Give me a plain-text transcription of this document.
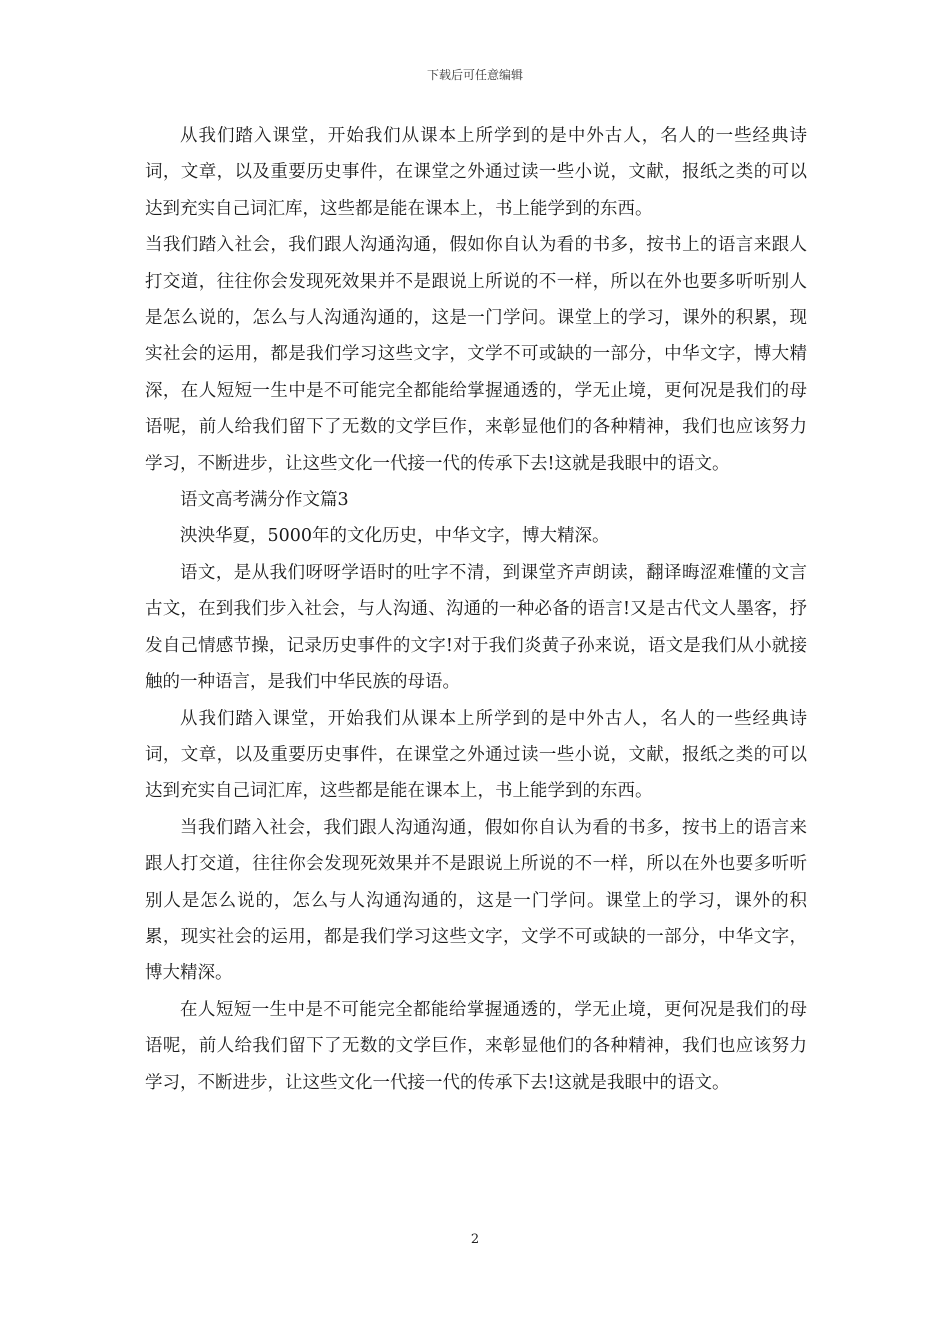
下载后可任意编辑

从我们踏入课堂，开始我们从课本上所学到的是中外古人，名人的一些经典诗词，文章，以及重要历史事件，在课堂之外通过读一些小说，文献，报纸之类的可以达到充实自己词汇库，这些都是能在课本上，书上能学到的东西。

当我们踏入社会，我们跟人沟通沟通，假如你自认为看的书多，按书上的语言来跟人打交道，往往你会发现死效果并不是跟说上所说的不一样，所以在外也要多听听别人是怎么说的，怎么与人沟通沟通的，这是一门学问。课堂上的学习，课外的积累，现实社会的运用，都是我们学习这些文字，文学不可或缺的一部分，中华文字，博大精深，在人短短一生中是不可能完全都能给掌握通透的，学无止境，更何况是我们的母语呢，前人给我们留下了无数的文学巨作，来彰显他们的各种精神，我们也应该努力学习，不断进步，让这些文化一代接一代的传承下去!这就是我眼中的语文。

语文高考满分作文篇3

泱泱华夏，5000年的文化历史，中华文字，博大精深。

语文，是从我们呀呀学语时的吐字不清，到课堂齐声朗读，翻译晦涩难懂的文言古文，在到我们步入社会，与人沟通、沟通的一种必备的语言!又是古代文人墨客，抒发自己情感节操，记录历史事件的文字!对于我们炎黄子孙来说，语文是我们从小就接触的一种语言，是我们中华民族的母语。

从我们踏入课堂，开始我们从课本上所学到的是中外古人，名人的一些经典诗词，文章，以及重要历史事件，在课堂之外通过读一些小说，文献，报纸之类的可以达到充实自己词汇库，这些都是能在课本上，书上能学到的东西。

当我们踏入社会，我们跟人沟通沟通，假如你自认为看的书多，按书上的语言来跟人打交道，往往你会发现死效果并不是跟说上所说的不一样，所以在外也要多听听别人是怎么说的，怎么与人沟通沟通的，这是一门学问。课堂上的学习，课外的积累，现实社会的运用，都是我们学习这些文字，文学不可或缺的一部分，中华文字，博大精深。

在人短短一生中是不可能完全都能给掌握通透的，学无止境，更何况是我们的母语呢，前人给我们留下了无数的文学巨作，来彰显他们的各种精神，我们也应该努力学习，不断进步，让这些文化一代接一代的传承下去!这就是我眼中的语文。

2
